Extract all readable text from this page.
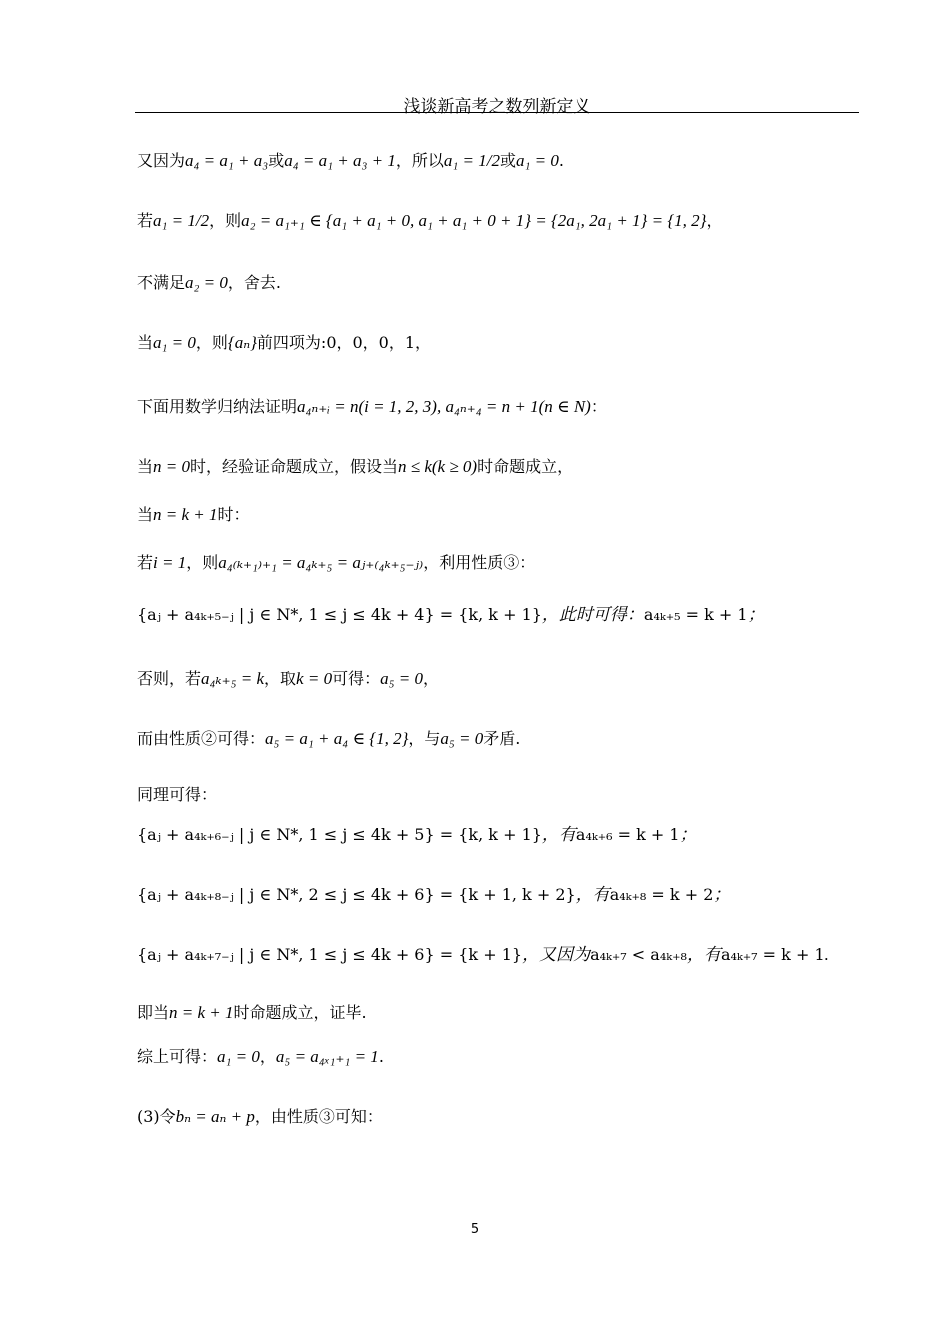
浅谈新高考之数列新定义
又因为a₄ = a₁ + a₃或a₄ = a₁ + a₃ + 1，所以a₁ = 1/2或a₁ = 0.
若a₁ = 1/2，则a₂ = a₁₊₁ ∈ {a₁ + a₁ + 0, a₁ + a₁ + 0 + 1} = {2a₁, 2a₁ + 1} = {1, 2}，
不满足a₂ = 0，舍去.
当a₁ = 0，则{aₙ}前四项为:0，0，0，1，
下面用数学归纳法证明a₄ₙ₊ᵢ = n(i = 1, 2, 3), a₄ₙ₊₄ = n + 1(n ∈ N)：
当n = 0时，经验证命题成立，假设当n ≤ k(k ≥ 0)时命题成立，
当n = k + 1时：
若i = 1，则a₄₍ₖ₊₁₎₊₁ = a₄ₖ₊₅ = aⱼ₊₍₄ₖ₊₅₋ⱼ₎，利用性质③：
{aⱼ + a₄ₖ₊₅₋ⱼ | j ∈ N*, 1 ≤ j ≤ 4k + 4} = {k, k + 1}，此时可得：a₄ₖ₊₅ = k + 1；
否则，若a₄ₖ₊₅ = k，取k = 0可得：a₅ = 0，
而由性质②可得：a₅ = a₁ + a₄ ∈ {1, 2}，与a₅ = 0矛盾.
同理可得：
{aⱼ + a₄ₖ₊₆₋ⱼ | j ∈ N*, 1 ≤ j ≤ 4k + 5} = {k, k + 1}，有a₄ₖ₊₆ = k + 1；
{aⱼ + a₄ₖ₊₈₋ⱼ | j ∈ N*, 2 ≤ j ≤ 4k + 6} = {k + 1, k + 2}，有a₄ₖ₊₈ = k + 2；
{aⱼ + a₄ₖ₊₇₋ⱼ | j ∈ N*, 1 ≤ j ≤ 4k + 6} = {k + 1}，又因为a₄ₖ₊₇ < a₄ₖ₊₈，有a₄ₖ₊₇ = k + 1.
即当n = k + 1时命题成立，证毕.
综上可得：a₁ = 0，a₅ = a₄ₓ₁₊₁ = 1.
(3)令bₙ = aₙ + p，由性质③可知：
5
